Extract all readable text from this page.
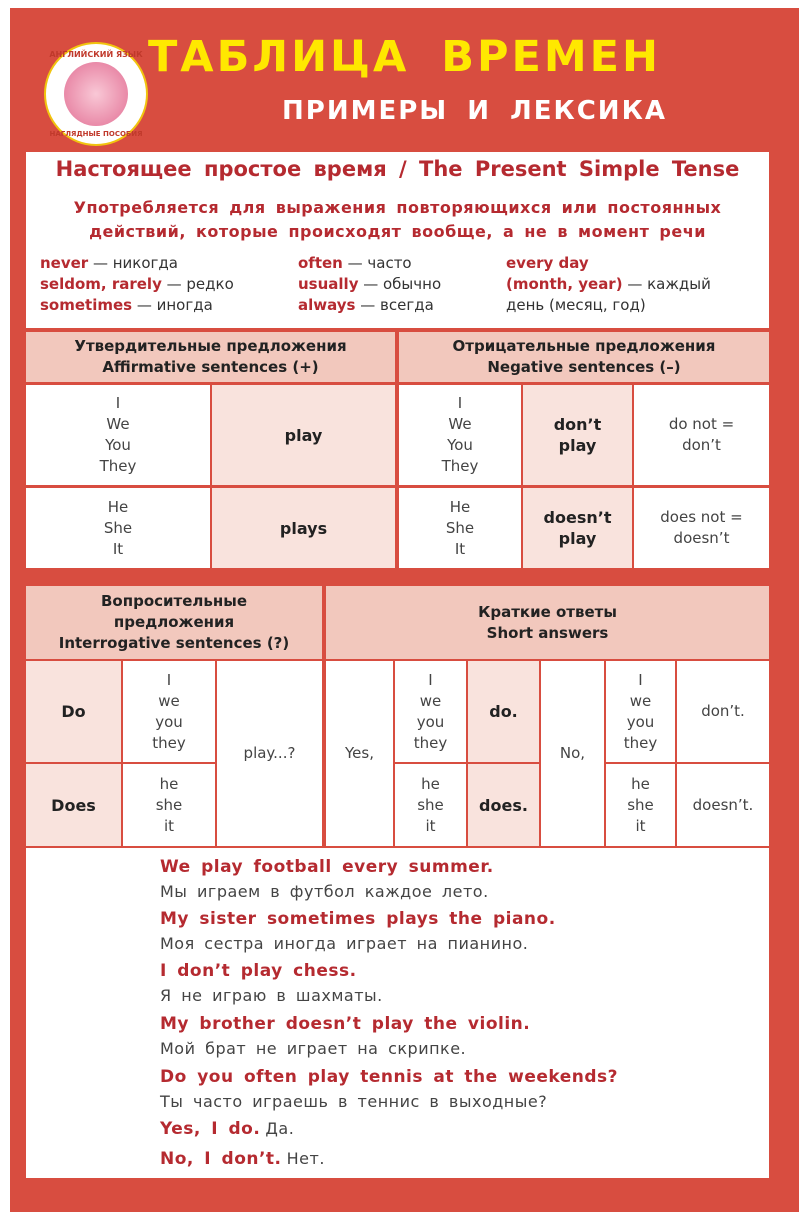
АНГЛИЙСКИЙ ЯЗЫК
НАГЛЯДНЫЕ ПОСОБИЯ
ТАБЛИЦА ВРЕМЕН
ПРИМЕРЫ И ЛЕКСИКА
Настоящее простое время / The Present Simple Tense
Употребляется для выражения повторяющихся или постоянных
действий, которые происходят вообще, а не в момент речи
never — никогда
seldom, rarely — редко
sometimes — иногда
often — часто
usually — обычно
always — всегда
every day
(month, year) — каждый
день (месяц, год)
Утвердительные предложения
Affirmative sentences (+)
I
We
You
They
play
He
She
It
plays
Отрицательные предложения
Negative sentences (–)
I
We
You
They
don’t
play
do not =
don’t
He
She
It
doesn’t
play
does not =
doesn’t
Вопросительные
предложения
Interrogative sentences (?)
Do
I
we
you
they
Does
he
she
it
play...?
Краткие ответы
Short answers
Yes,
I
we
you
they
do.
he
she
it
does.
No,
I
we
you
they
don’t.
he
she
it
doesn’t.
We play football every summer.
Мы играем в футбол каждое лето.
My sister sometimes plays the piano.
Моя сестра иногда играет на пианино.
I don’t play chess.
Я не играю в шахматы.
My brother doesn’t play the violin.
Мой брат не играет на скрипке.
Do you often play tennis at the weekends?
Ты часто играешь в теннис в выходные?
Yes, I do. Да.
No, I don’t. Нет.
